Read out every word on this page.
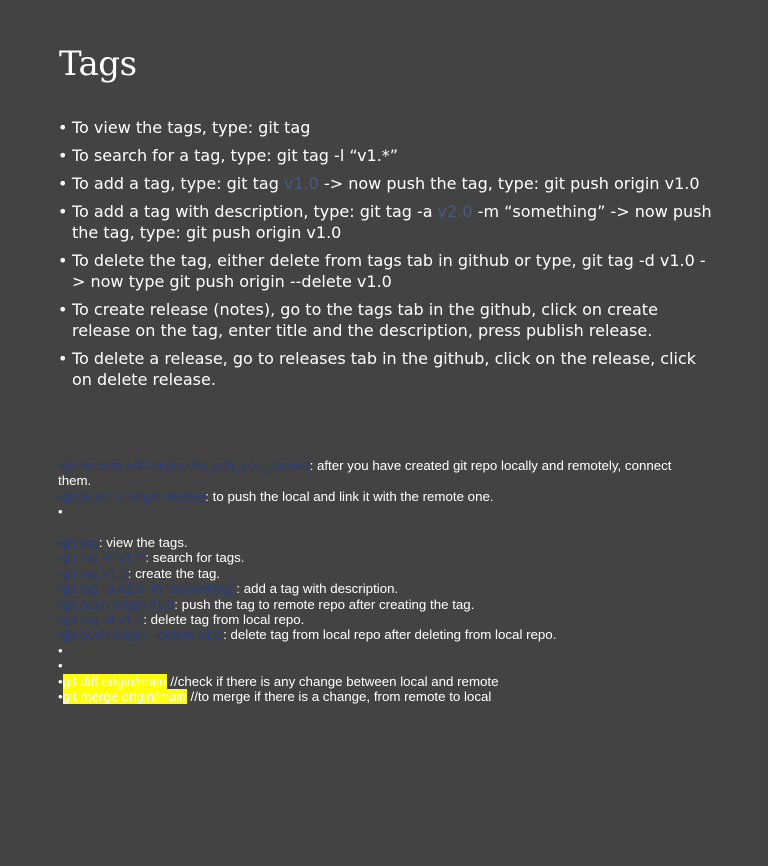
Tags
• To view the tags, type: git tag
• To search for a tag, type: git tag -l “v1.*”
• To add a tag, type: git tag v1.0 -> now push the tag, type: git push origin v1.0
• To add a tag with description, type: git tag -a v2.0 -m “something” -> now push the tag, type: git push origin v1.0
• To delete the tag, either delete from tags tab in github or type, git tag -d v1.0 -> now type git push origin --delete v1.0
• To create release (notes), go to the tags tab in the github, click on create release on the tag, enter title and the description, press publish release.
• To delete a release, go to releases tab in the github, click on the release, click on delete release.
•git remote add origin the_ssh_you_copied: after you have created git repo locally and remotely, connect them.
•git push -u origin master: to push the local and link it with the remote one.
•
•git tag: view the tags.
•git tag -l “v1.*”: search for tags.
•git tag v1.0: create the tag.
•git tag -a v2.0 -m “something”: add a tag with description.
•git push origin v1.0: push the tag to remote repo after creating the tag.
•git tag -d v1.0: delete tag from local repo.
•git push origin --delete v1.0: delete tag from local repo after deleting from local repo.
•
•
•git diff origin/main //check if there is any change between local and remote
•git merge origin/main //to merge if there is a change, from remote to local
